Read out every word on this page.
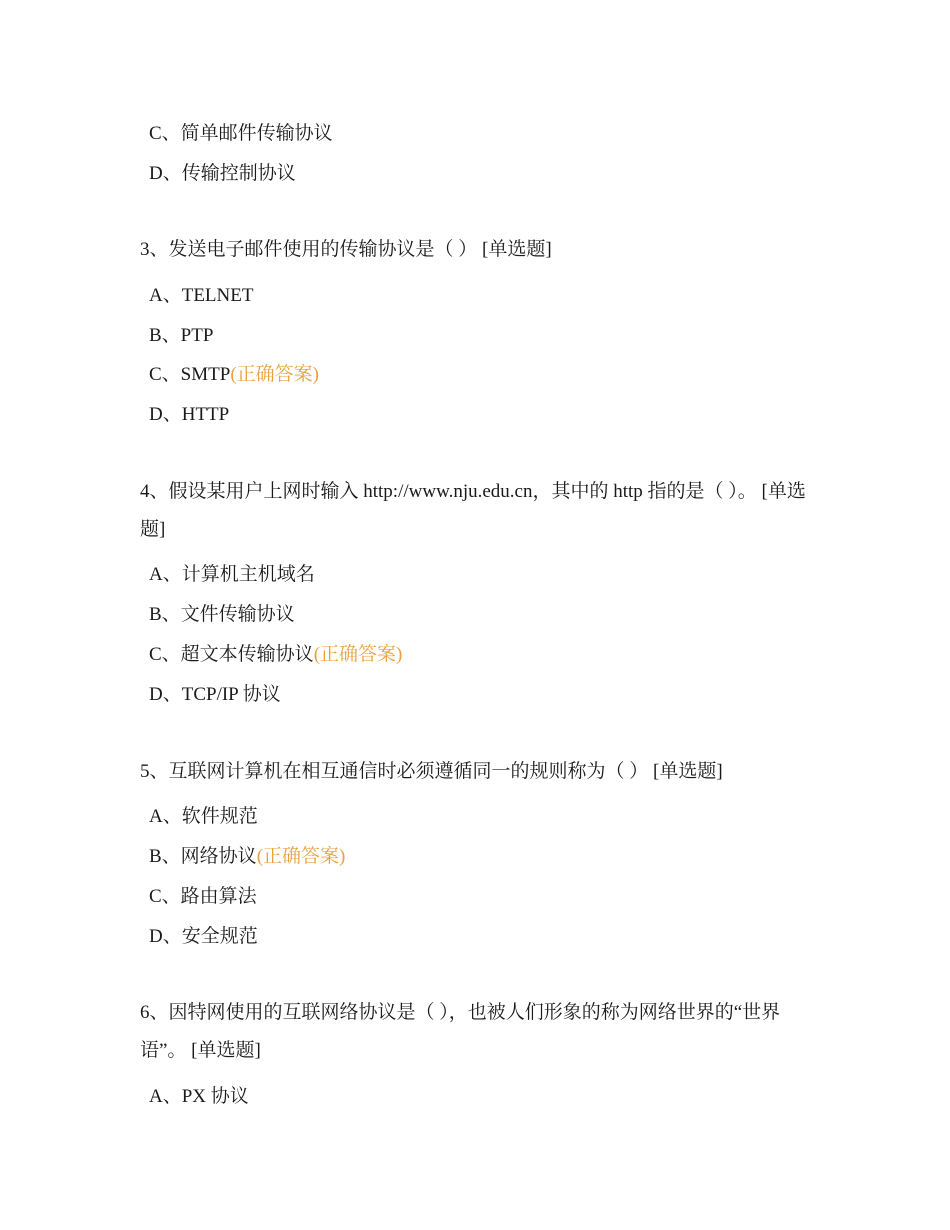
C、简单邮件传输协议
D、传输控制协议
3、发送电子邮件使用的传输协议是（ ） [单选题]
A、TELNET
B、PTP
C、SMTP(正确答案)
D、HTTP
4、假设某用户上网时输入 http://www.nju.edu.cn，其中的 http 指的是（ ）。 [单选
题]
A、计算机主机域名
B、文件传输协议
C、超文本传输协议(正确答案)
D、TCP/IP 协议
5、互联网计算机在相互通信时必须遵循同一的规则称为（ ） [单选题]
A、软件规范
B、网络协议(正确答案)
C、路由算法
D、安全规范
6、因特网使用的互联网络协议是（ ），也被人们形象的称为网络世界的“世界
语”。 [单选题]
A、PX 协议
